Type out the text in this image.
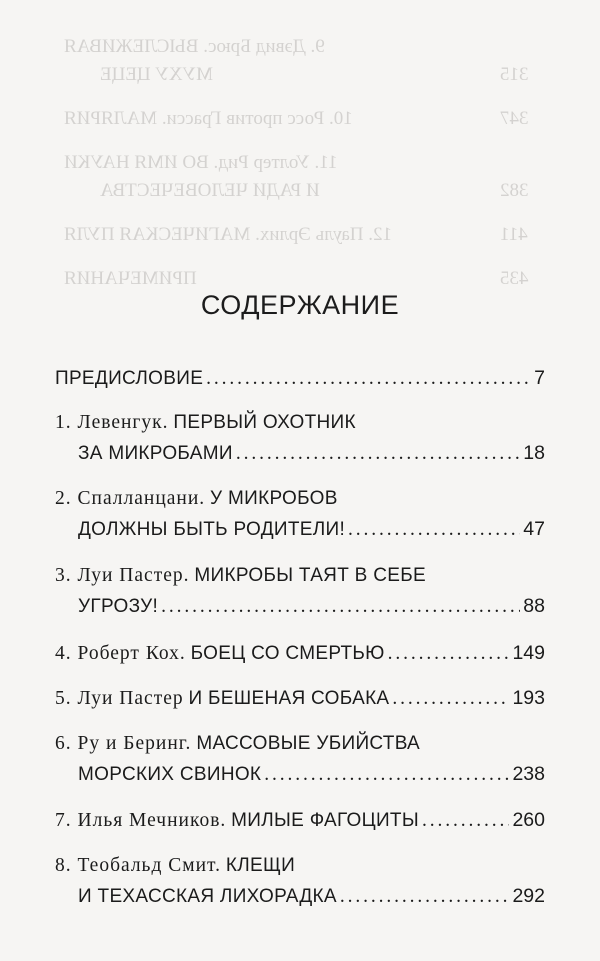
9. Дэвид Брюс. ВЫСЛЕЖИВАЯ
МУХУ ЦЕЦЕ	315
10. Росс против Грасси. МАЛЯРИЯ	347
11. Уолтер Рид. ВО ИМЯ НАУКИ
И РАДИ ЧЕЛОВЕЧЕСТВА	382
12. Пауль Эрлих. МАГИЧЕСКАЯ ПУЛЯ	411
ПРИМЕЧАНИЯ	435
СОДЕРЖАНИЕ
ПРЕДИСЛОВИЕ . . .	7
1. Левенгук. ПЕРВЫЙ ОХОТНИК
ЗА МИКРОБАМИ . . .	18
2. Спалланцани. У МИКРОБОВ
ДОЛЖНЫ БЫТЬ РОДИТЕЛИ! . . .	47
3. Луи Пастер. МИКРОБЫ ТАЯТ В СЕБЕ
УГРОЗУ! . . .	88
4. Роберт Кох. БОЕЦ СО СМЕРТЬЮ . . .	149
5. Луи Пастер И БЕШЕНАЯ СОБАКА . . .	193
6. Ру и Беринг. МАССОВЫЕ УБИЙСТВА
МОРСКИХ СВИНОК . . .	238
7. Илья Мечников. МИЛЫЕ ФАГОЦИТЫ . . .	260
8. Теобальд Смит. КЛЕЩИ
И ТЕХАССКАЯ ЛИХОРАДКА . . .	292
